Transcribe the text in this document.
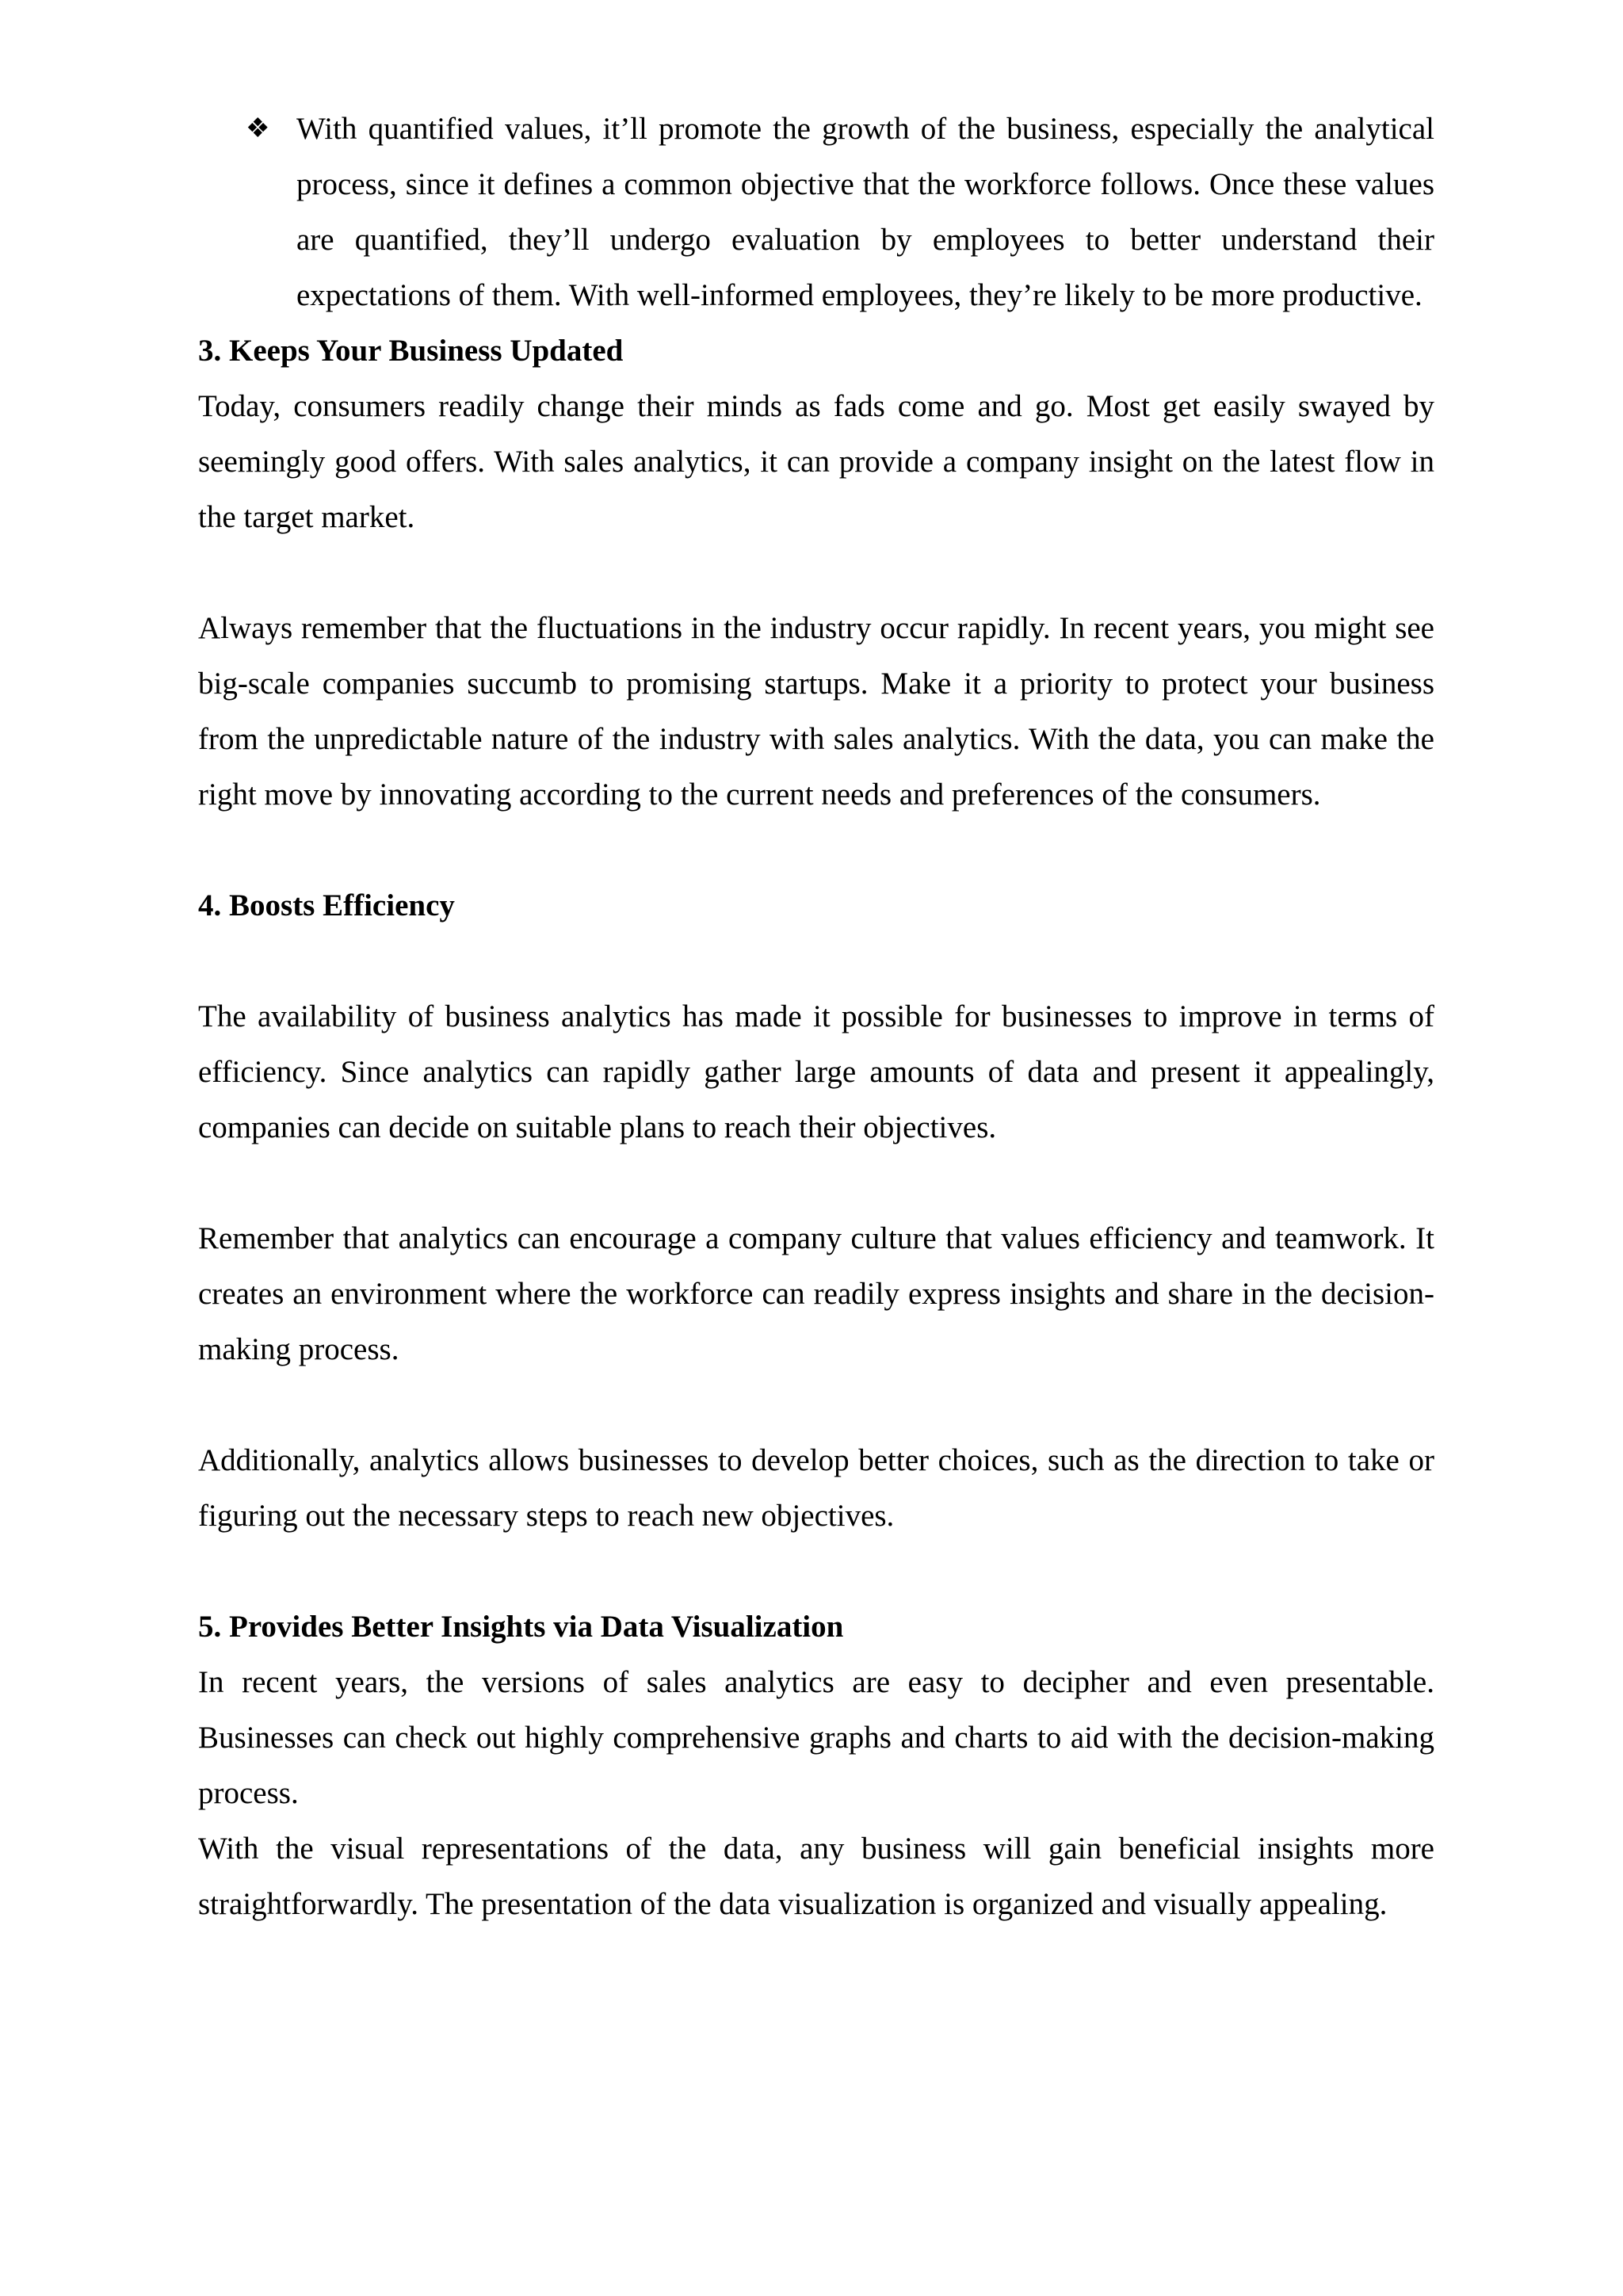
❖ With quantified values, it’ll promote the growth of the business, especially the analytical process, since it defines a common objective that the workforce follows. Once these values are quantified, they’ll undergo evaluation by employees to better understand their expectations of them. With well-informed employees, they’re likely to be more productive.

3. Keeps Your Business Updated

Today, consumers readily change their minds as fads come and go. Most get easily swayed by seemingly good offers. With sales analytics, it can provide a company insight on the latest flow in the target market.

Always remember that the fluctuations in the industry occur rapidly. In recent years, you might see big-scale companies succumb to promising startups. Make it a priority to protect your business from the unpredictable nature of the industry with sales analytics. With the data, you can make the right move by innovating according to the current needs and preferences of the consumers.

4. Boosts Efficiency

The availability of business analytics has made it possible for businesses to improve in terms of efficiency. Since analytics can rapidly gather large amounts of data and present it appealingly, companies can decide on suitable plans to reach their objectives.

Remember that analytics can encourage a company culture that values efficiency and teamwork. It creates an environment where the workforce can readily express insights and share in the decision-making process.

Additionally, analytics allows businesses to develop better choices, such as the direction to take or figuring out the necessary steps to reach new objectives.

5. Provides Better Insights via Data Visualization

In recent years, the versions of sales analytics are easy to decipher and even presentable. Businesses can check out highly comprehensive graphs and charts to aid with the decision-making process.

With the visual representations of the data, any business will gain beneficial insights more straightforwardly. The presentation of the data visualization is organized and visually appealing.
